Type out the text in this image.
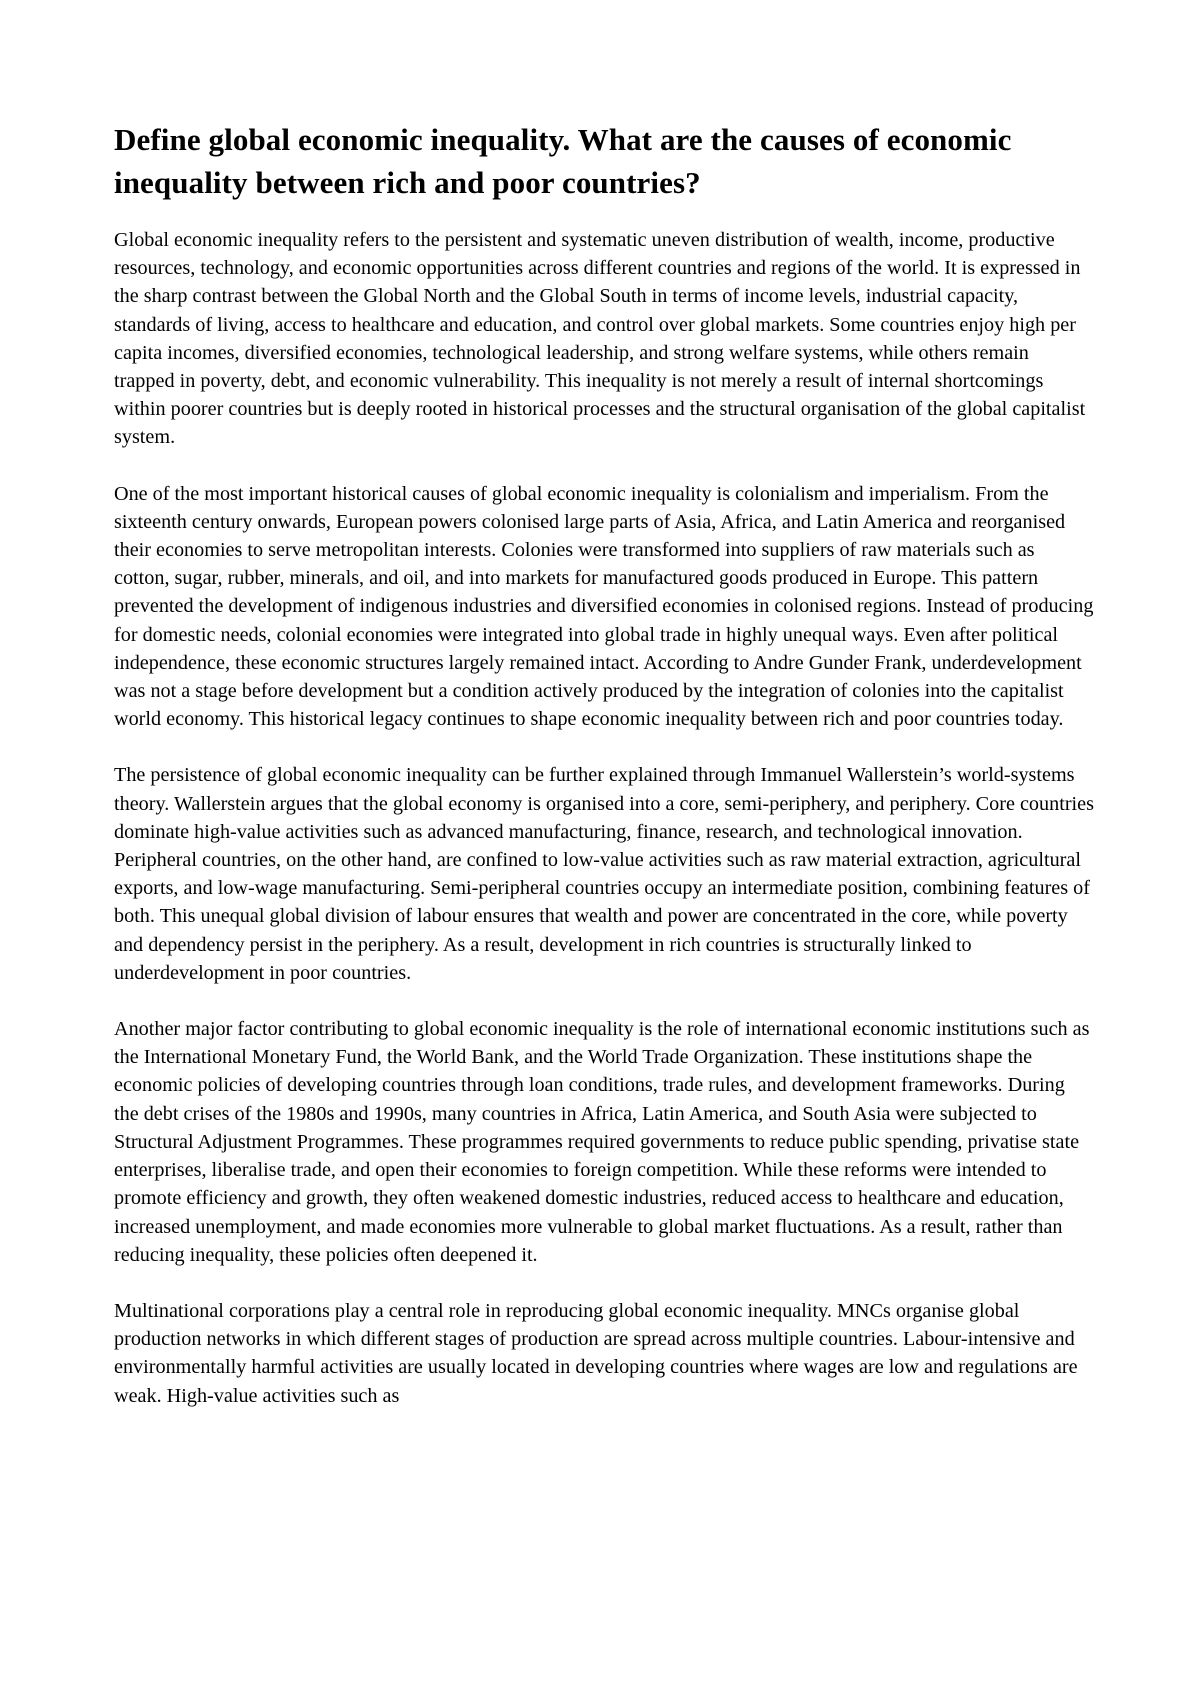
Define global economic inequality. What are the causes of economic inequality between rich and poor countries?

Global economic inequality refers to the persistent and systematic uneven distribution of wealth, income, productive resources, technology, and economic opportunities across different countries and regions of the world. It is expressed in the sharp contrast between the Global North and the Global South in terms of income levels, industrial capacity, standards of living, access to healthcare and education, and control over global markets. Some countries enjoy high per capita incomes, diversified economies, technological leadership, and strong welfare systems, while others remain trapped in poverty, debt, and economic vulnerability. This inequality is not merely a result of internal shortcomings within poorer countries but is deeply rooted in historical processes and the structural organisation of the global capitalist system.

One of the most important historical causes of global economic inequality is colonialism and imperialism. From the sixteenth century onwards, European powers colonised large parts of Asia, Africa, and Latin America and reorganised their economies to serve metropolitan interests. Colonies were transformed into suppliers of raw materials such as cotton, sugar, rubber, minerals, and oil, and into markets for manufactured goods produced in Europe. This pattern prevented the development of indigenous industries and diversified economies in colonised regions. Instead of producing for domestic needs, colonial economies were integrated into global trade in highly unequal ways. Even after political independence, these economic structures largely remained intact. According to Andre Gunder Frank, underdevelopment was not a stage before development but a condition actively produced by the integration of colonies into the capitalist world economy. This historical legacy continues to shape economic inequality between rich and poor countries today.

The persistence of global economic inequality can be further explained through Immanuel Wallerstein’s world-systems theory. Wallerstein argues that the global economy is organised into a core, semi-periphery, and periphery. Core countries dominate high-value activities such as advanced manufacturing, finance, research, and technological innovation. Peripheral countries, on the other hand, are confined to low-value activities such as raw material extraction, agricultural exports, and low-wage manufacturing. Semi-peripheral countries occupy an intermediate position, combining features of both. This unequal global division of labour ensures that wealth and power are concentrated in the core, while poverty and dependency persist in the periphery. As a result, development in rich countries is structurally linked to underdevelopment in poor countries.

Another major factor contributing to global economic inequality is the role of international economic institutions such as the International Monetary Fund, the World Bank, and the World Trade Organization. These institutions shape the economic policies of developing countries through loan conditions, trade rules, and development frameworks. During the debt crises of the 1980s and 1990s, many countries in Africa, Latin America, and South Asia were subjected to Structural Adjustment Programmes. These programmes required governments to reduce public spending, privatise state enterprises, liberalise trade, and open their economies to foreign competition. While these reforms were intended to promote efficiency and growth, they often weakened domestic industries, reduced access to healthcare and education, increased unemployment, and made economies more vulnerable to global market fluctuations. As a result, rather than reducing inequality, these policies often deepened it.

Multinational corporations play a central role in reproducing global economic inequality. MNCs organise global production networks in which different stages of production are spread across multiple countries. Labour-intensive and environmentally harmful activities are usually located in developing countries where wages are low and regulations are weak. High-value activities such as
